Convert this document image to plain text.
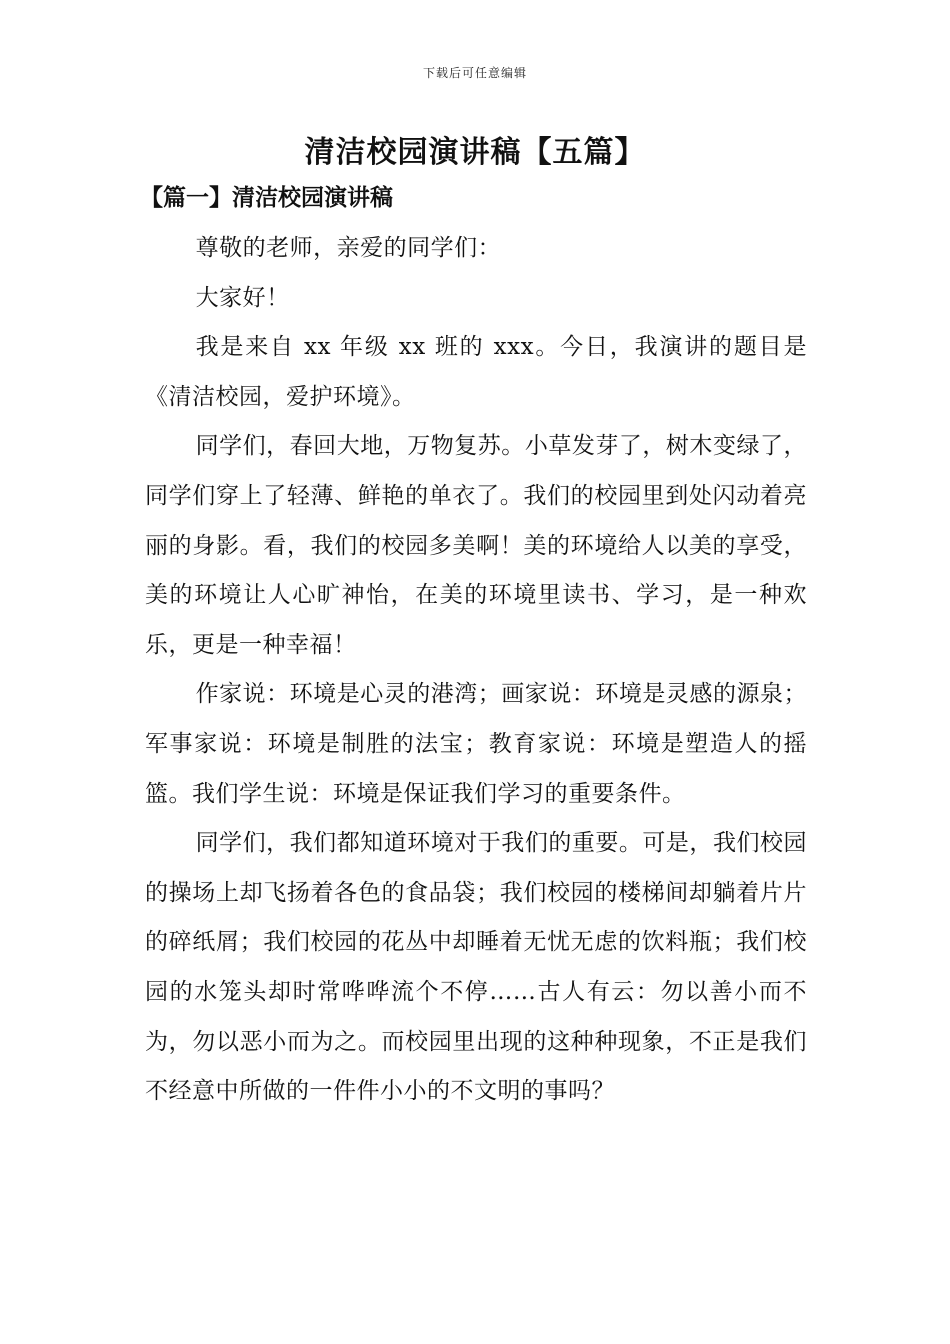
下载后可任意编辑
清洁校园演讲稿【五篇】
【篇一】清洁校园演讲稿

尊敬的老师，亲爱的同学们：

大家好！

我是来自 xx 年级 xx 班的 xxx。今日，我演讲的题目是《清洁校园，爱护环境》。

同学们，春回大地，万物复苏。小草发芽了，树木变绿了，同学们穿上了轻薄、鲜艳的单衣了。我们的校园里到处闪动着亮丽的身影。看，我们的校园多美啊！美的环境给人以美的享受，美的环境让人心旷神怡，在美的环境里读书、学习，是一种欢乐，更是一种幸福！

作家说：环境是心灵的港湾；画家说：环境是灵感的源泉；军事家说：环境是制胜的法宝；教育家说：环境是塑造人的摇篮。我们学生说：环境是保证我们学习的重要条件。

同学们，我们都知道环境对于我们的重要。可是，我们校园的操场上却飞扬着各色的食品袋；我们校园的楼梯间却躺着片片的碎纸屑；我们校园的花丛中却睡着无忧无虑的饮料瓶；我们校园的水笼头却时常哗哗流个不停……古人有云：勿以善小而不为，勿以恶小而为之。而校园里出现的这种种现象，不正是我们不经意中所做的一件件小小的不文明的事吗？
